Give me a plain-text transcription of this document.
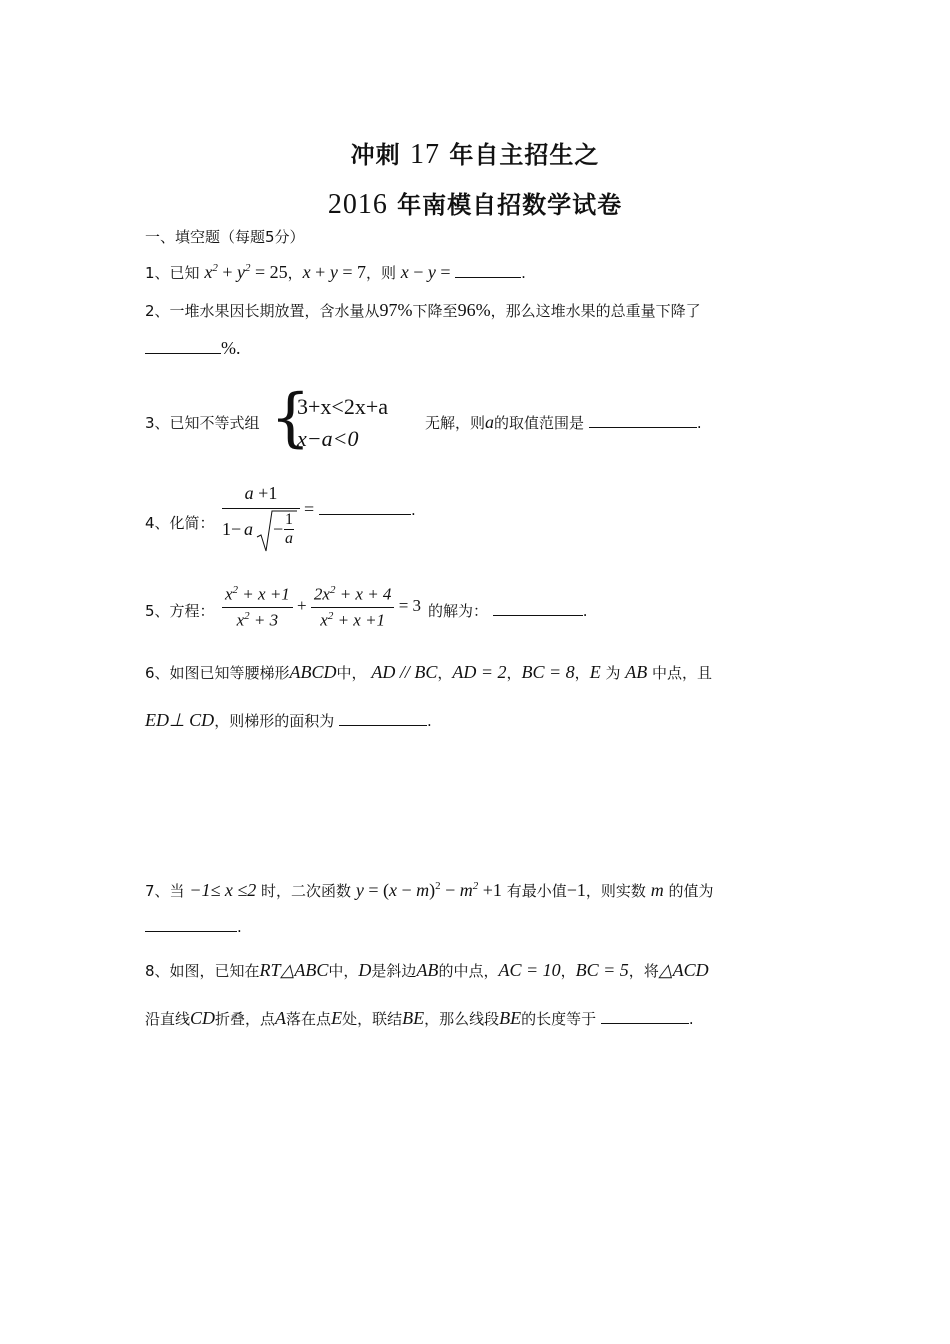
冲刺 17 年自主招生之
2016 年南模自招数学试卷
一、填空题（每题5分）
1、已知 $x^2 + y^2 = 25$，x + y = 7，则 x − y =	.
2、一堆水果因长期放置，含水量从97%下降至96%，那么这堆水果的总重量下降了
%.
3、已知不等式组 {
3+x<2x+a
x−a<0
无解，则a的取值范围是	.
4、化简：
a +1
1− a − 1
a
=	.
5、方程： $\frac{x^2 + x +1}{x^2 + 3} + \frac{2x^2 + x + 4}{x^2 + x +1} = 3$ 的解为：	.
6、如图已知等腰梯形ABCD中， AD // BC，AD = 2，BC = 8，E 为 AB 中点，且
ED⊥ CD，则梯形的面积为	.
7、当 −1≤ x ≤2 时，二次函数 $y = (x - m)^2 - m^2 +1$ 有最小值−1，则实数 m 的值为
.
8、如图，已知在RT△ABC中，D是斜边AB的中点，AC = 10，BC = 5，将△ACD
沿直线CD折叠，点A落在点E处，联结BE，那么线段BE的长度等于	.
